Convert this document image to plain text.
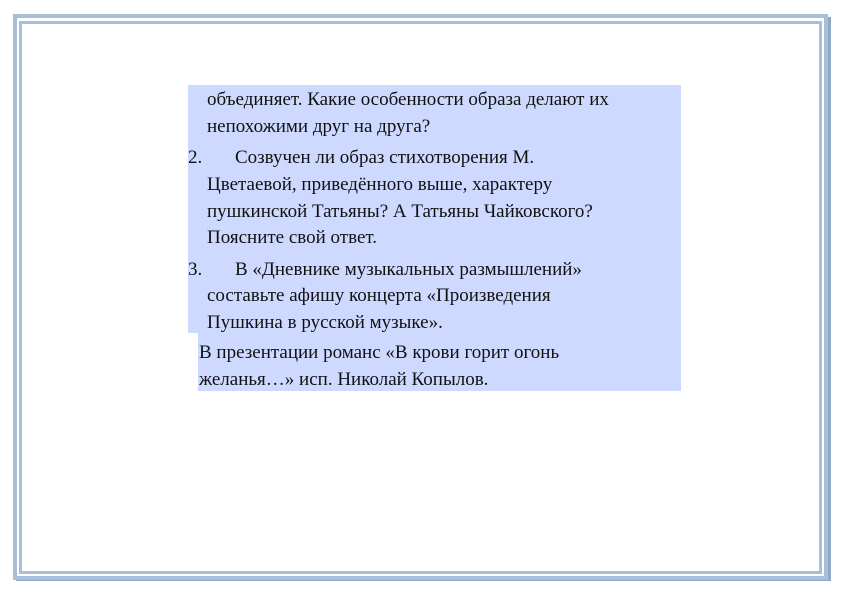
объединяет. Какие особенности образа делают их
непохожими друг на друга?
2. Созвучен ли образ стихотворения М.
Цветаевой, приведённого выше, характеру
пушкинской Татьяны? А Татьяны Чайковского?
Поясните свой ответ.
3. В «Дневнике музыкальных размышлений»
составьте афишу концерта «Произведения
Пушкина в русской музыке».
В презентации романс «В крови горит огонь
желанья…» исп. Николай Копылов.
